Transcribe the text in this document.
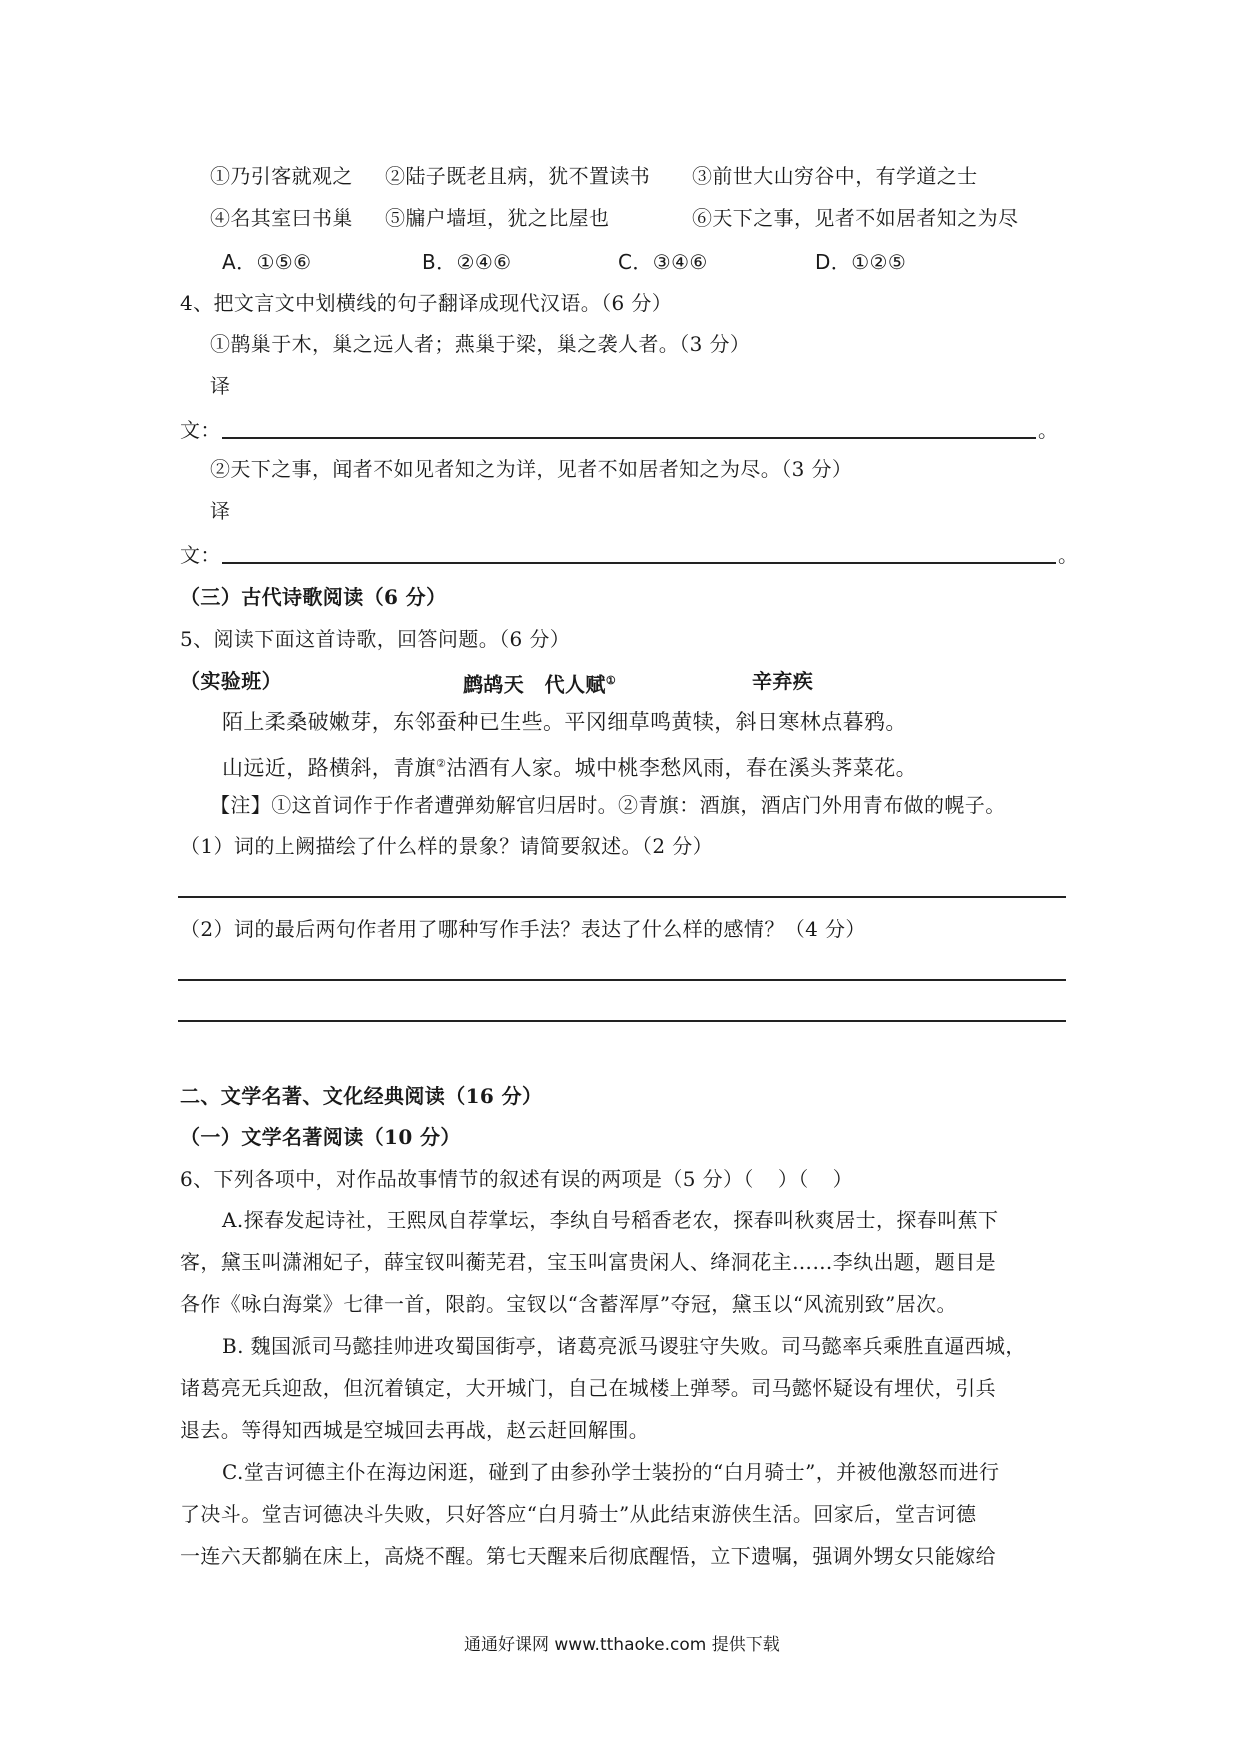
①乃引客就观之 ②陆子既老且病，犹不置读书 ③前世大山穷谷中，有学道之士
④名其室曰书巢 ⑤牖户墙垣，犹之比屋也	⑥天下之事，见者不如居者知之为尽
A．①⑤⑥	B．②④⑥	C．③④⑥	D．①②⑤
4、把文言文中划横线的句子翻译成现代汉语。（6 分）
①鹊巢于木，巢之远人者；燕巢于梁，巢之袭人者。（3 分）
译
文：	。
②天下之事，闻者不如见者知之为详，见者不如居者知之为尽。（3 分）
译
文：	。
（三）古代诗歌阅读（6 分）
5、阅读下面这首诗歌，回答问题。（6 分）
（实验班）	鹧鸪天　代人赋①	辛弃疾
陌上柔桑破嫩芽，东邻蚕种已生些。平冈细草鸣黄犊，斜日寒林点暮鸦。
山远近，路横斜，青旗②沽酒有人家。城中桃李愁风雨，春在溪头荠菜花。
【注】①这首词作于作者遭弹劾解官归居时。②青旗：酒旗，酒店门外用青布做的幌子。
（1）词的上阙描绘了什么样的景象？请简要叙述。（2 分）
（2）词的最后两句作者用了哪种写作手法？表达了什么样的感情？（4 分）
二、文学名著、文化经典阅读（16 分）
（一）文学名著阅读（10 分）
6、下列各项中，对作品故事情节的叙述有误的两项是（5 分）（ ）（ ）
A.探春发起诗社，王熙凤自荐掌坛，李纨自号稻香老农，探春叫秋爽居士，探春叫蕉下
客，黛玉叫潇湘妃子，薛宝钗叫蘅芜君，宝玉叫富贵闲人、绛洞花主……李纨出题，题目是
各作《咏白海棠》七律一首，限韵。宝钗以“含蓄浑厚”夺冠，黛玉以“风流别致”居次。
B. 魏国派司马懿挂帅进攻蜀国街亭，诸葛亮派马谡驻守失败。司马懿率兵乘胜直逼西城，
诸葛亮无兵迎敌，但沉着镇定，大开城门，自己在城楼上弹琴。司马懿怀疑设有埋伏，引兵
退去。等得知西城是空城回去再战，赵云赶回解围。
C.堂吉诃德主仆在海边闲逛，碰到了由参孙学士装扮的“白月骑士”，并被他激怒而进行
了决斗。堂吉诃德决斗失败，只好答应“白月骑士”从此结束游侠生活。回家后，堂吉诃德
一连六天都躺在床上，高烧不醒。第七天醒来后彻底醒悟，立下遗嘱，强调外甥女只能嫁给
通通好课网 www.tthaoke.com 提供下载
